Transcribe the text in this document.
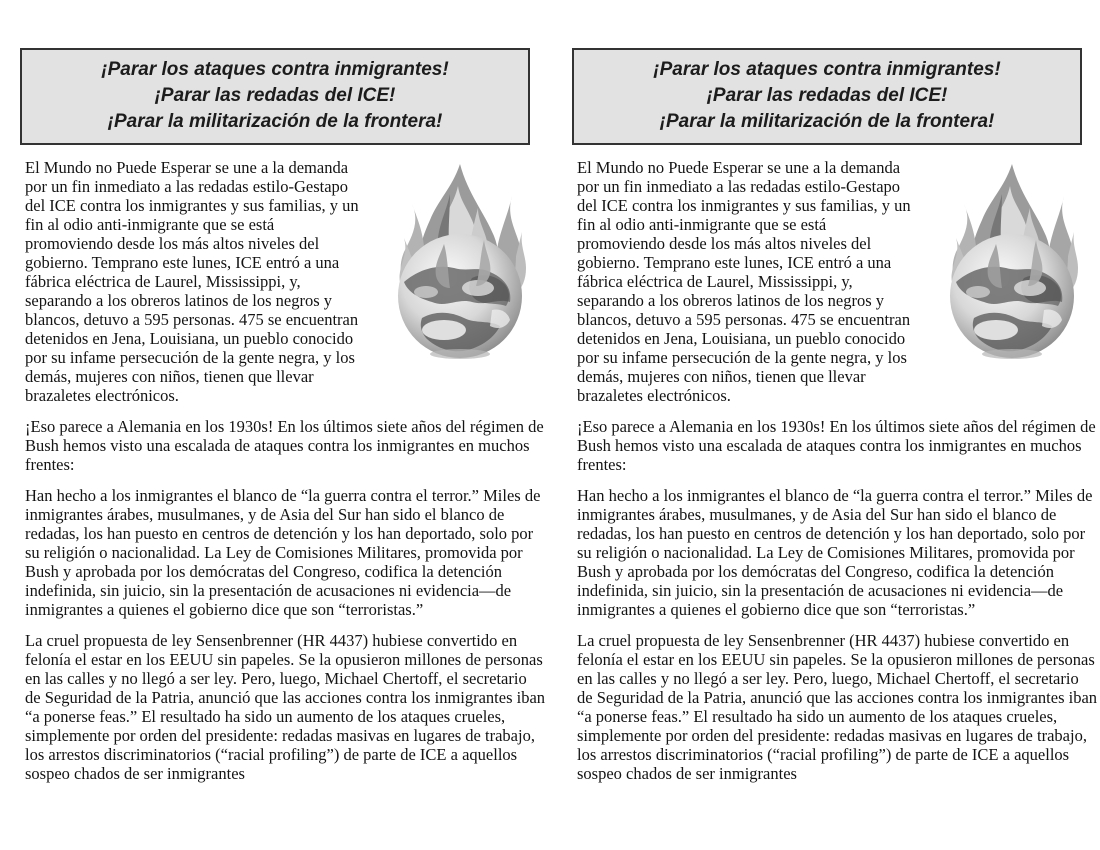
¡Parar los ataques contra inmigrantes!
¡Parar las redadas del ICE!
¡Parar la militarización de la frontera!
El Mundo no Puede Esperar se une a la demanda por un fin inmediato a las redadas estilo-Gestapo del ICE contra los inmigrantes y sus familias, y un fin al odio anti-inmigrante que se está promoviendo desde los más altos niveles del gobierno. Temprano este lunes, ICE entró a una fábrica eléctrica de Laurel, Mississippi, y, separando a los obreros latinos de los negros y blancos, detuvo a 595 personas. 475 se encuentran detenidos en Jena, Louisiana, un pueblo conocido por su infame persecución de la gente negra, y los demás, mujeres con niños, tienen que llevar brazaletes electrónicos.
¡Eso parece a Alemania en los 1930s! En los últimos siete años del régimen de Bush hemos visto una escalada de ataques contra los inmigrantes en muchos frentes:
Han hecho a los inmigrantes el blanco de “la guerra contra el terror.” Miles de inmigrantes árabes, musulmanes, y de Asia del Sur han sido el blanco de redadas, los han puesto en centros de detención y los han deportado, solo por su religión o nacionalidad. La Ley de Comisiones Militares, promovida por Bush y aprobada por los demócratas del Congreso, codifica la detención indefinida, sin juicio, sin la presentación de acusaciones ni evidencia—de inmigrantes a quienes el gobierno dice que son “terroristas.”
La cruel propuesta de ley Sensenbrenner (HR 4437) hubiese convertido en felonía el estar en los EEUU sin papeles. Se la opusieron millones de personas en las calles y no llegó a ser ley. Pero, luego, Michael Chertoff, el secretario de Seguridad de la Patria, anunció que las acciones contra los inmigrantes iban “a ponerse feas.” El resultado ha sido un aumento de los ataques crueles, simplemente por orden del presidente: redadas masivas en lugares de trabajo, los arrestos discriminatorios (“racial profiling”) de parte de ICE a aquellos sospeo chados de ser inmigrantes
¡Parar los ataques contra inmigrantes!
¡Parar las redadas del ICE!
¡Parar la militarización de la frontera!
El Mundo no Puede Esperar se une a la demanda por un fin inmediato a las redadas estilo-Gestapo del ICE contra los inmigrantes y sus familias, y un fin al odio anti-inmigrante que se está promoviendo desde los más altos niveles del gobierno. Temprano este lunes, ICE entró a una fábrica eléctrica de Laurel, Mississippi, y, separando a los obreros latinos de los negros y blancos, detuvo a 595 personas. 475 se encuentran detenidos en Jena, Louisiana, un pueblo conocido por su infame persecución de la gente negra, y los demás, mujeres con niños, tienen que llevar brazaletes electrónicos.
¡Eso parece a Alemania en los 1930s! En los últimos siete años del régimen de Bush hemos visto una escalada de ataques contra los inmigrantes en muchos frentes:
Han hecho a los inmigrantes el blanco de “la guerra contra el terror.” Miles de inmigrantes árabes, musulmanes, y de Asia del Sur han sido el blanco de redadas, los han puesto en centros de detención y los han deportado, solo por su religión o nacionalidad. La Ley de Comisiones Militares, promovida por Bush y aprobada por los demócratas del Congreso, codifica la detención indefinida, sin juicio, sin la presentación de acusaciones ni evidencia—de inmigrantes a quienes el gobierno dice que son “terroristas.”
La cruel propuesta de ley Sensenbrenner (HR 4437) hubiese convertido en felonía el estar en los EEUU sin papeles. Se la opusieron millones de personas en las calles y no llegó a ser ley. Pero, luego, Michael Chertoff, el secretario de Seguridad de la Patria, anunció que las acciones contra los inmigrantes iban “a ponerse feas.” El resultado ha sido un aumento de los ataques crueles, simplemente por orden del presidente: redadas masivas en lugares de trabajo, los arrestos discriminatorios (“racial profiling”) de parte de ICE a aquellos sospeo chados de ser inmigrantes
